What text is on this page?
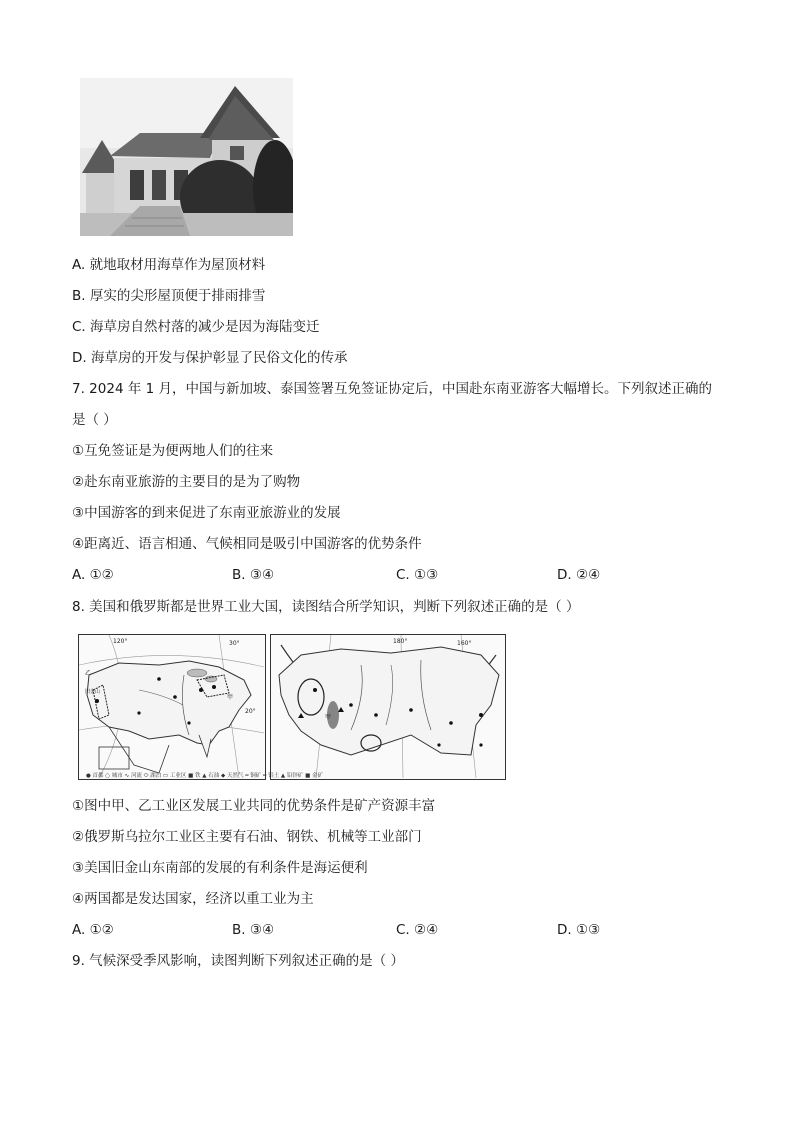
A. 就地取材用海草作为屋顶材料
B. 厚实的尖形屋顶便于排雨排雪
C. 海草房自然村落的减少是因为海陆变迁
D. 海草房的开发与保护彰显了民俗文化的传承
7. 2024 年 1 月，中国与新加坡、泰国签署互免签证协定后，中国赴东南亚游客大幅增长。下列叙述正确的
是（ ）
①互免签证是为便两地人们的往来
②赴东南亚旅游的主要目的是为了购物
③中国游客的到来促进了东南亚旅游业的发展
④距离近、语言相通、气候相同是吸引中国游客的优势条件
A. ①②	B. ③④	C. ①③	D. ②④
8. 美国和俄罗斯都是世界工业大国，读图结合所学知识，判断下列叙述正确的是（ ）
120°	30°
20°
乙
甲
旧金山
180°	160°
甲
● 首都 ○ 城市 ∿ 河流 ⬭ 湖泊 ▭ 工业区 ■ 铁 ▲ 石油 ◆ 天然气 ━ 铜矿 ━ 铝土 ▲ 铅锌矿 ■ 金矿
①图中甲、乙工业区发展工业共同的优势条件是矿产资源丰富
②俄罗斯乌拉尔工业区主要有石油、钢铁、机械等工业部门
③美国旧金山东南部的发展的有利条件是海运便利
④两国都是发达国家，经济以重工业为主
A. ①②	B. ③④	C. ②④	D. ①③
9. 气候深受季风影响，读图判断下列叙述正确的是（ ）
